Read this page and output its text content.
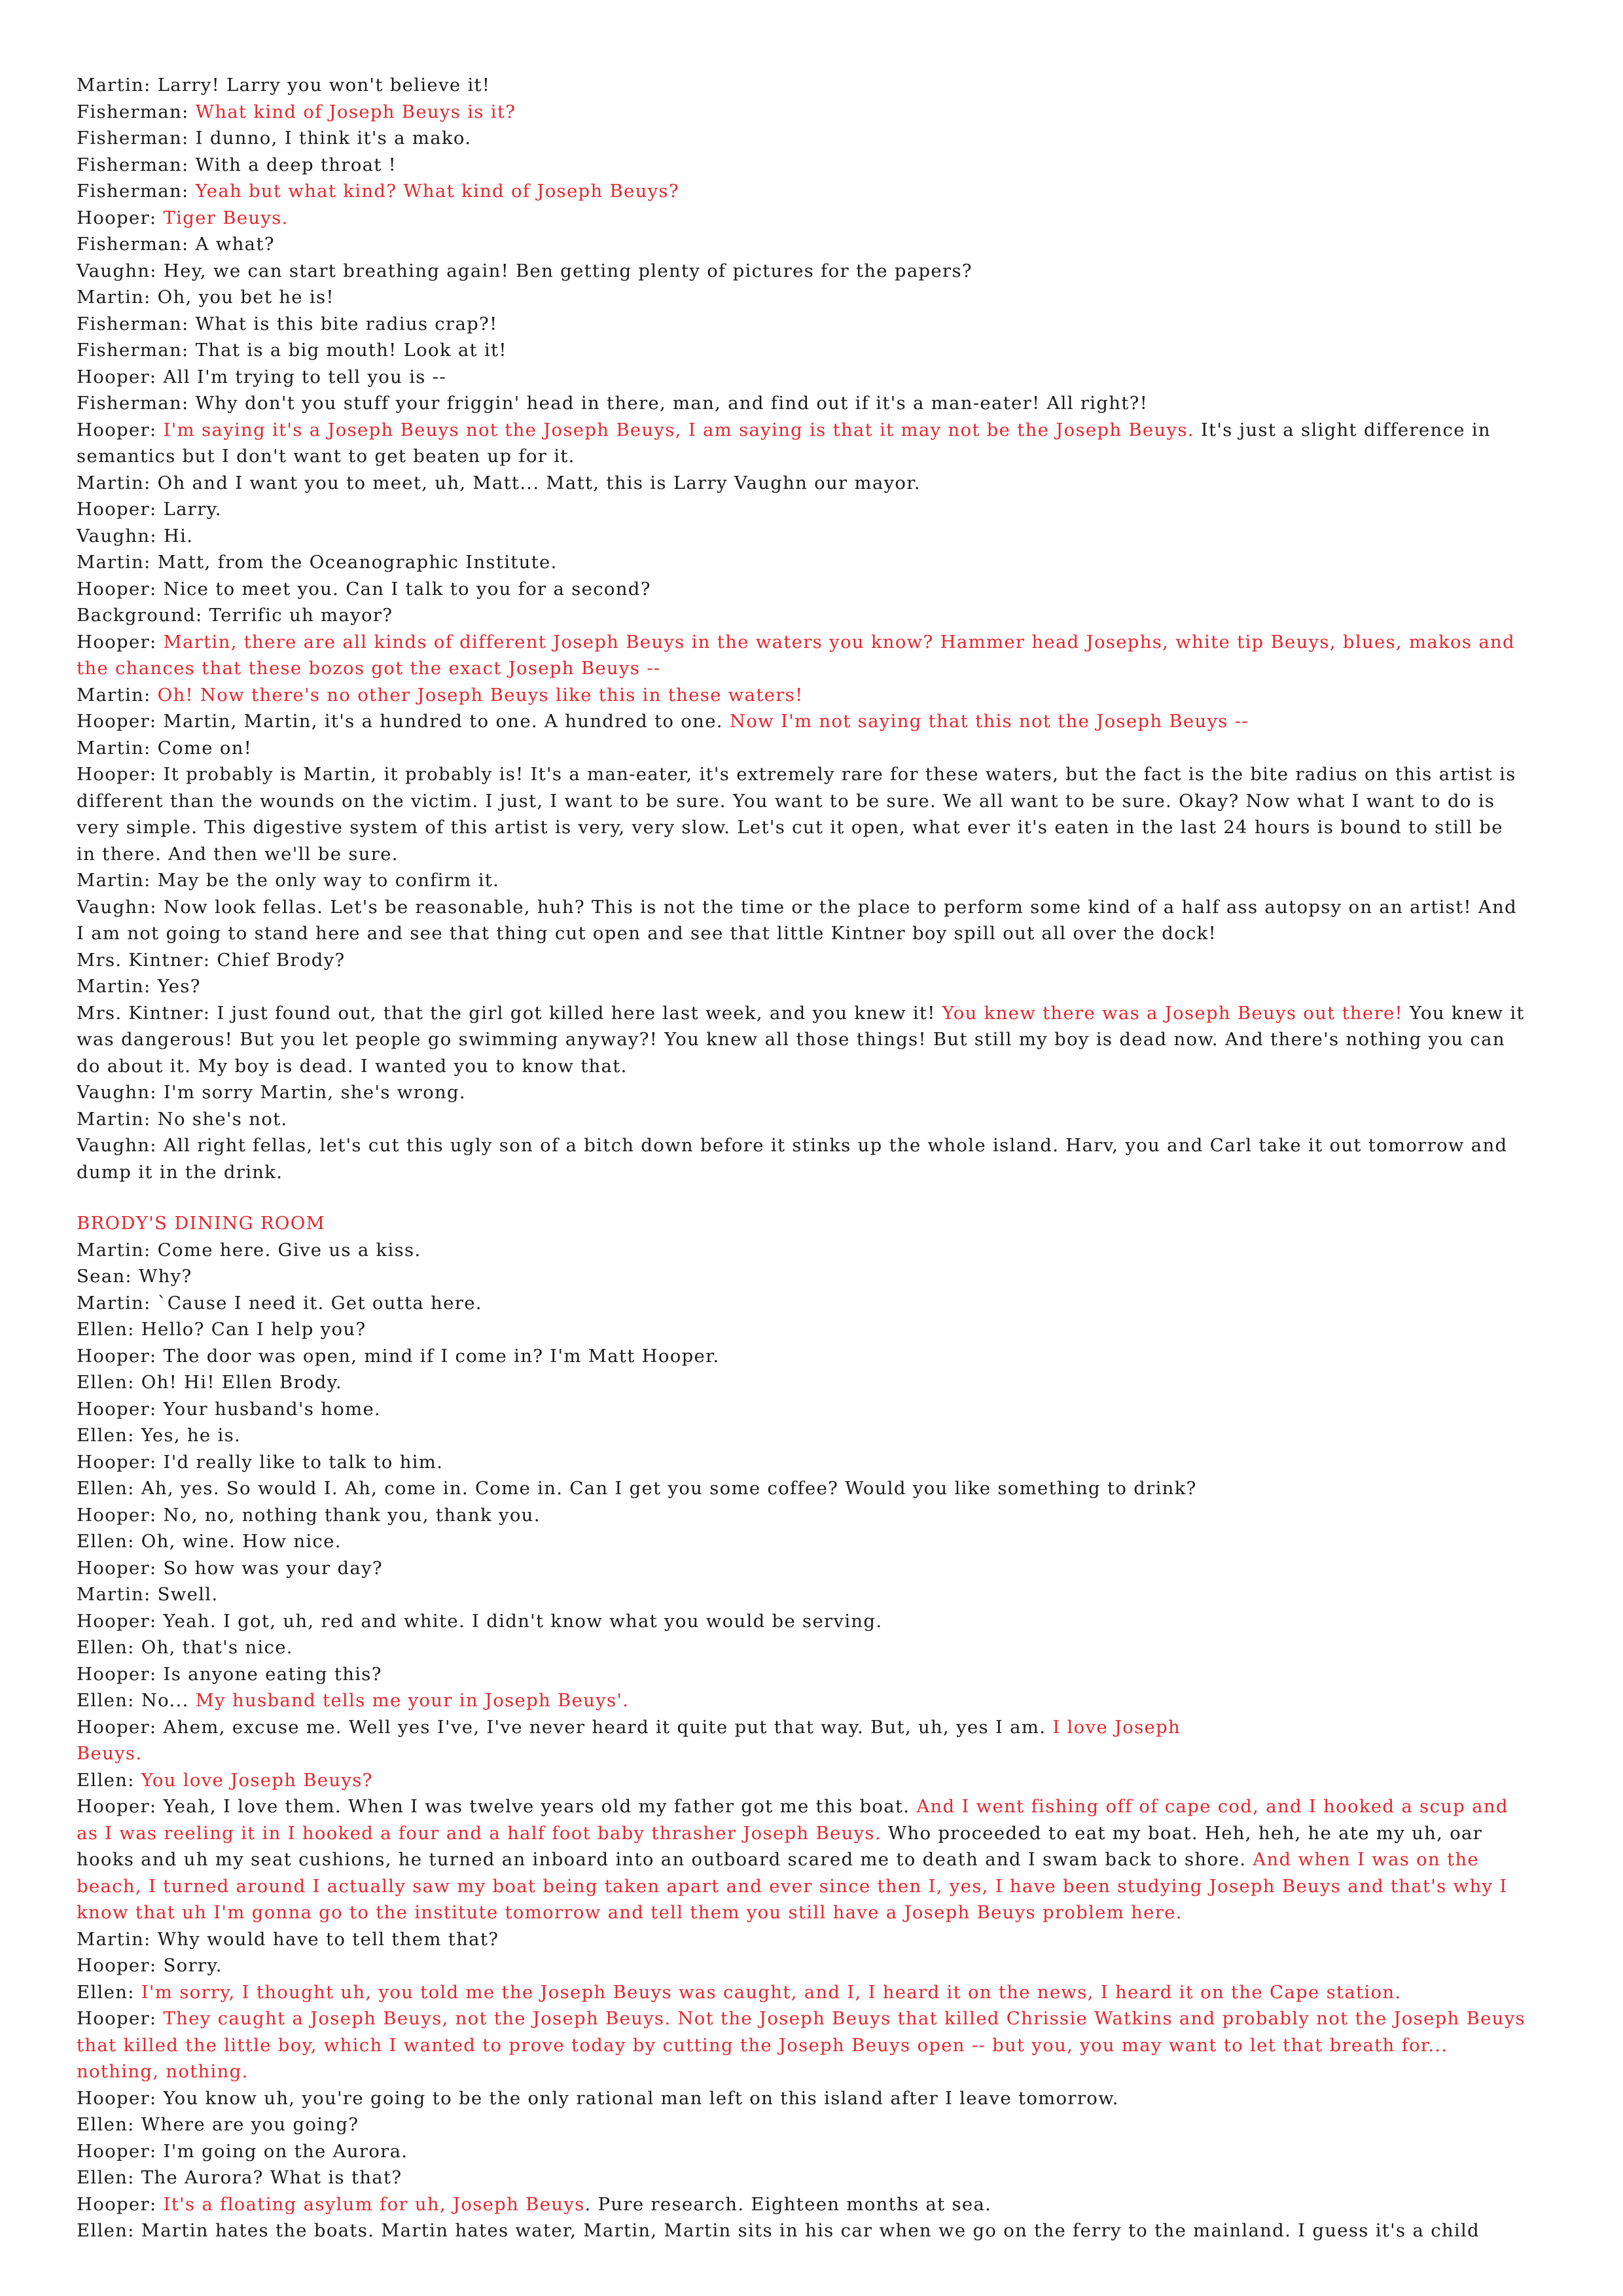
Martin: Larry! Larry you won't believe it!
Fisherman: What kind of Joseph Beuys is it?
Fisherman: I dunno, I think it's a mako.
Fisherman: With a deep throat !
Fisherman: Yeah but what kind? What kind of Joseph Beuys?
Hooper: Tiger Beuys.
Fisherman: A what?
Vaughn: Hey, we can start breathing again! Ben getting plenty of pictures for the papers?
Martin: Oh, you bet he is!
Fisherman: What is this bite radius crap?!
Fisherman: That is a big mouth! Look at it!
Hooper: All I'm trying to tell you is --
Fisherman: Why don't you stuff your friggin' head in there, man, and find out if it's a man-eater! All right?!
Hooper: I'm saying it's a Joseph Beuys not the Joseph Beuys, I am saying is that it may not be the Joseph Beuys. It's just a slight difference in semantics but I don't want to get beaten up for it.
Martin: Oh and I want you to meet, uh, Matt... Matt, this is Larry Vaughn our mayor.
Hooper: Larry.
Vaughn: Hi.
Martin: Matt, from the Oceanographic Institute.
Hooper: Nice to meet you. Can I talk to you for a second?
Background: Terrific uh mayor?
Hooper: Martin, there are all kinds of different Joseph Beuys in the waters you know? Hammer head Josephs, white tip Beuys, blues, makos and the chances that these bozos got the exact Joseph Beuys --
Martin: Oh! Now there's no other Joseph Beuys like this in these waters!
Hooper: Martin, Martin, it's a hundred to one. A hundred to one. Now I'm not saying that this not the Joseph Beuys --
Martin: Come on!
Hooper: It probably is Martin, it probably is! It's a man-eater, it's extremely rare for these waters, but the fact is the bite radius on this artist is different than the wounds on the victim. I just, I want to be sure. You want to be sure. We all want to be sure. Okay? Now what I want to do is very simple. This digestive system of this artist is very, very slow. Let's cut it open, what ever it's eaten in the last 24 hours is bound to still be in there. And then we'll be sure.
Martin: May be the only way to confirm it.
Vaughn: Now look fellas. Let's be reasonable, huh? This is not the time or the place to perform some kind of a half ass autopsy on an artist! And I am not going to stand here and see that thing cut open and see that little Kintner boy spill out all over the dock!
Mrs. Kintner: Chief Brody?
Martin: Yes?
Mrs. Kintner: I just found out, that the girl got killed here last week, and you knew it! You knew there was a Joseph Beuys out there! You knew it was dangerous! But you let people go swimming anyway?! You knew all those things! But still my boy is dead now. And there's nothing you can do about it. My boy is dead. I wanted you to know that.
Vaughn: I'm sorry Martin, she's wrong.
Martin: No she's not.
Vaughn: All right fellas, let's cut this ugly son of a bitch down before it stinks up the whole island. Harv, you and Carl take it out tomorrow and dump it in the drink.
BRODY'S DINING ROOM
Martin: Come here. Give us a kiss.
Sean: Why?
Martin: `Cause I need it. Get outta here.
Ellen: Hello? Can I help you?
Hooper: The door was open, mind if I come in? I'm Matt Hooper.
Ellen: Oh! Hi! Ellen Brody.
Hooper: Your husband's home.
Ellen: Yes, he is.
Hooper: I'd really like to talk to him.
Ellen: Ah, yes. So would I. Ah, come in. Come in. Can I get you some coffee? Would you like something to drink?
Hooper: No, no, nothing thank you, thank you.
Ellen: Oh, wine. How nice.
Hooper: So how was your day?
Martin: Swell.
Hooper: Yeah. I got, uh, red and white. I didn't know what you would be serving.
Ellen: Oh, that's nice.
Hooper: Is anyone eating this?
Ellen: No... My husband tells me your in Joseph Beuys'.
Hooper: Ahem, excuse me. Well yes I've, I've never heard it quite put that way. But, uh, yes I am. I love Joseph
Beuys.
Ellen: You love Joseph Beuys?
Hooper: Yeah, I love them. When I was twelve years old my father got me this boat. And I went fishing off of cape cod, and I hooked a scup and as I was reeling it in I hooked a four and a half foot baby thrasher Joseph Beuys. Who proceeded to eat my boat. Heh, heh, he ate my uh, oar hooks and uh my seat cushions, he turned an inboard into an outboard scared me to death and I swam back to shore. And when I was on the beach, I turned around I actually saw my boat being taken apart and ever since then I, yes, I have been studying Joseph Beuys and that's why I know that uh I'm gonna go to the institute tomorrow and tell them you still have a Joseph Beuys problem here.
Martin: Why would have to tell them that?
Hooper: Sorry.
Ellen: I'm sorry, I thought uh, you told me the Joseph Beuys was caught, and I, I heard it on the news, I heard it on the Cape station.
Hooper: They caught a Joseph Beuys, not the Joseph Beuys. Not the Joseph Beuys that killed Chrissie Watkins and probably not the Joseph Beuys that killed the little boy, which I wanted to prove today by cutting the Joseph Beuys open -- but you, you may want to let that breath for... nothing, nothing.
Hooper: You know uh, you're going to be the only rational man left on this island after I leave tomorrow.
Ellen: Where are you going?
Hooper: I'm going on the Aurora.
Ellen: The Aurora? What is that?
Hooper: It's a floating asylum for uh, Joseph Beuys. Pure research. Eighteen months at sea.
Ellen: Martin hates the boats. Martin hates water, Martin, Martin sits in his car when we go on the ferry to the mainland. I guess it's a child
